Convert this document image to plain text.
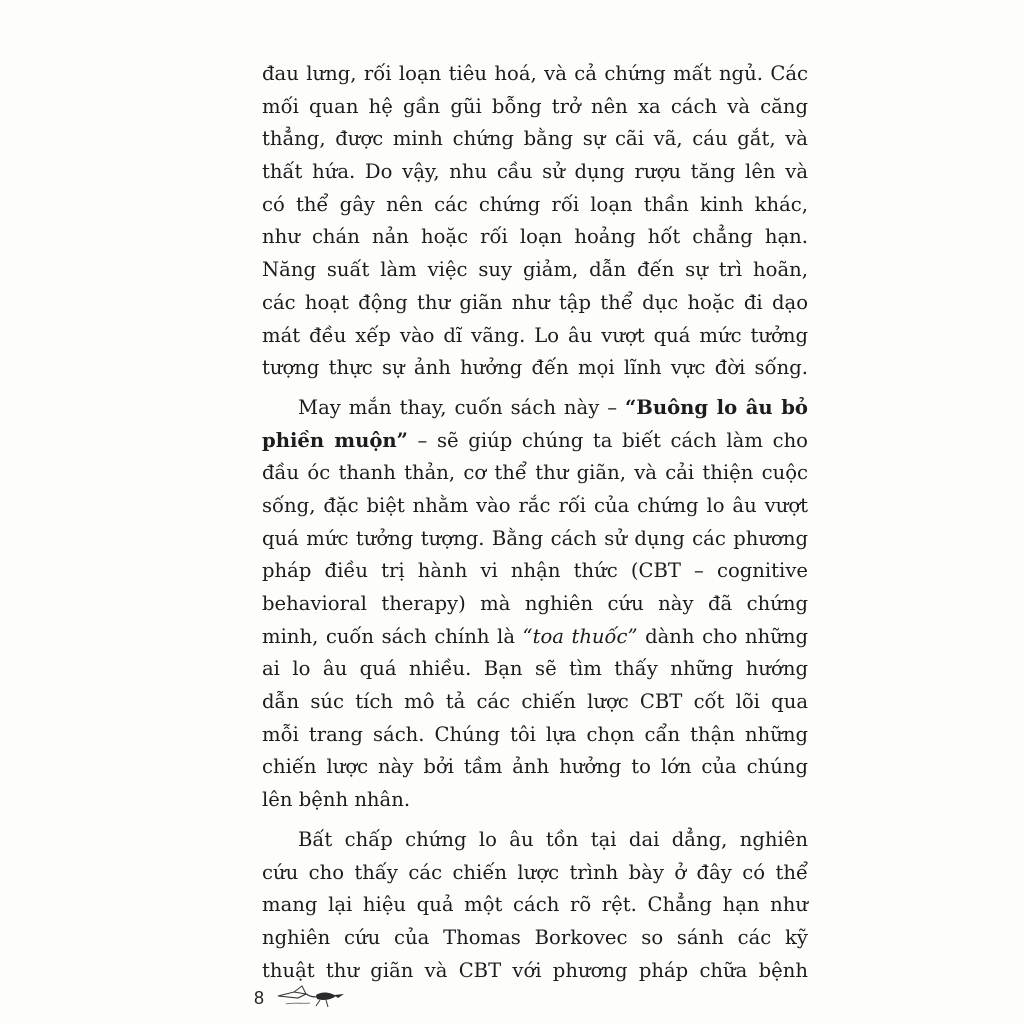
đau lưng, rối loạn tiêu hoá, và cả chứng mất ngủ. Các
mối quan hệ gần gũi bỗng trở nên xa cách và căng
thẳng, được minh chứng bằng sự cãi vã, cáu gắt, và
thất hứa. Do vậy, nhu cầu sử dụng rượu tăng lên và
có thể gây nên các chứng rối loạn thần kinh khác,
như chán nản hoặc rối loạn hoảng hốt chẳng hạn.
Năng suất làm việc suy giảm, dẫn đến sự trì hoãn,
các hoạt động thư giãn như tập thể dục hoặc đi dạo
mát đều xếp vào dĩ vãng. Lo âu vượt quá mức tưởng
tượng thực sự ảnh hưởng đến mọi lĩnh vực đời sống.
May mắn thay, cuốn sách này – “Buông lo âu bỏ
phiền muộn” – sẽ giúp chúng ta biết cách làm cho
đầu óc thanh thản, cơ thể thư giãn, và cải thiện cuộc
sống, đặc biệt nhằm vào rắc rối của chứng lo âu vượt
quá mức tưởng tượng. Bằng cách sử dụng các phương
pháp điều trị hành vi nhận thức (CBT – cognitive
behavioral therapy) mà nghiên cứu này đã chứng
minh, cuốn sách chính là “toa thuốc” dành cho những
ai lo âu quá nhiều. Bạn sẽ tìm thấy những hướng
dẫn súc tích mô tả các chiến lược CBT cốt lõi qua
mỗi trang sách. Chúng tôi lựa chọn cẩn thận những
chiến lược này bởi tầm ảnh hưởng to lớn của chúng
lên bệnh nhân.
Bất chấp chứng lo âu tồn tại dai dẳng, nghiên
cứu cho thấy các chiến lược trình bày ở đây có thể
mang lại hiệu quả một cách rõ rệt. Chẳng hạn như
nghiên cứu của Thomas Borkovec so sánh các kỹ
thuật thư giãn và CBT với phương pháp chữa bệnh
8
